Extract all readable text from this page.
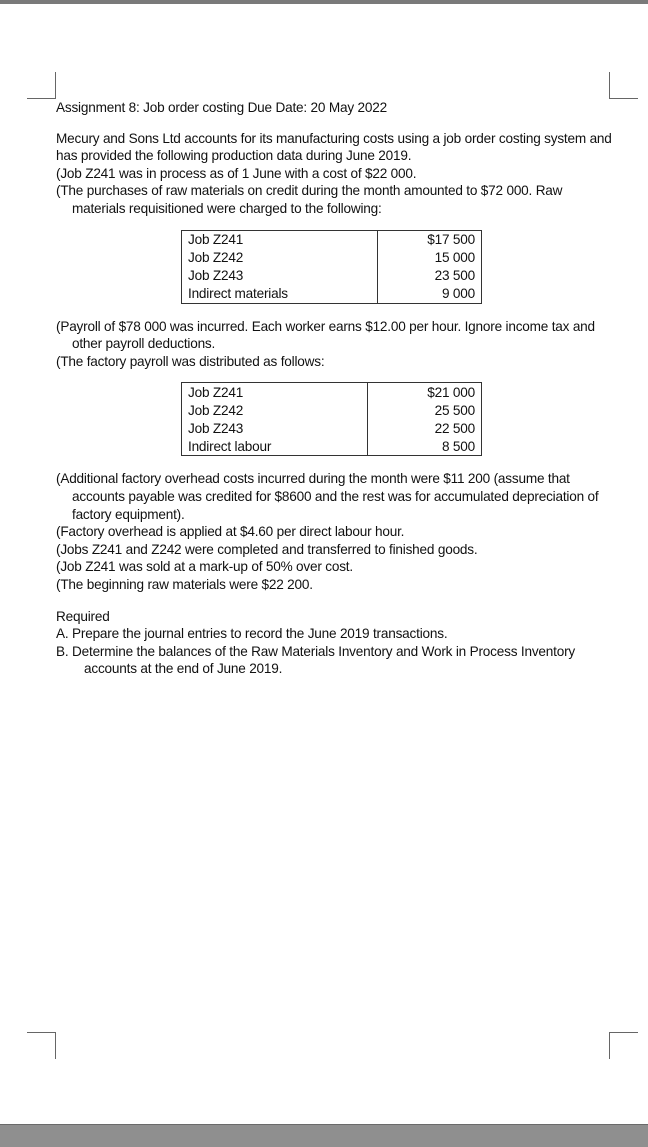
Assignment 8: Job order costing Due Date: 20 May 2022

Mecury and Sons Ltd accounts for its manufacturing costs using a job order costing system and has provided the following production data during June 2019.

(Job Z241 was in process as of 1 June with a cost of $22 000.

(The purchases of raw materials on credit during the month amounted to $72 000. Raw materials requisitioned were charged to the following:

Job Z241	$17 500
Job Z242	15 000
Job Z243	23 500
Indirect materials	9 000

(Payroll of $78 000 was incurred. Each worker earns $12.00 per hour. Ignore income tax and other payroll deductions.

(The factory payroll was distributed as follows:

Job Z241	$21 000
Job Z242	25 500
Job Z243	22 500
Indirect labour	8 500

(Additional factory overhead costs incurred during the month were $11 200 (assume that accounts payable was credited for $8600 and the rest was for accumulated depreciation of factory equipment).

(Factory overhead is applied at $4.60 per direct labour hour.

(Jobs Z241 and Z242 were completed and transferred to finished goods.

(Job Z241 was sold at a mark-up of 50% over cost.

(The beginning raw materials were $22 200.

Required

A. Prepare the journal entries to record the June 2019 transactions.

B. Determine the balances of the Raw Materials Inventory and Work in Process Inventory accounts at the end of June 2019.
